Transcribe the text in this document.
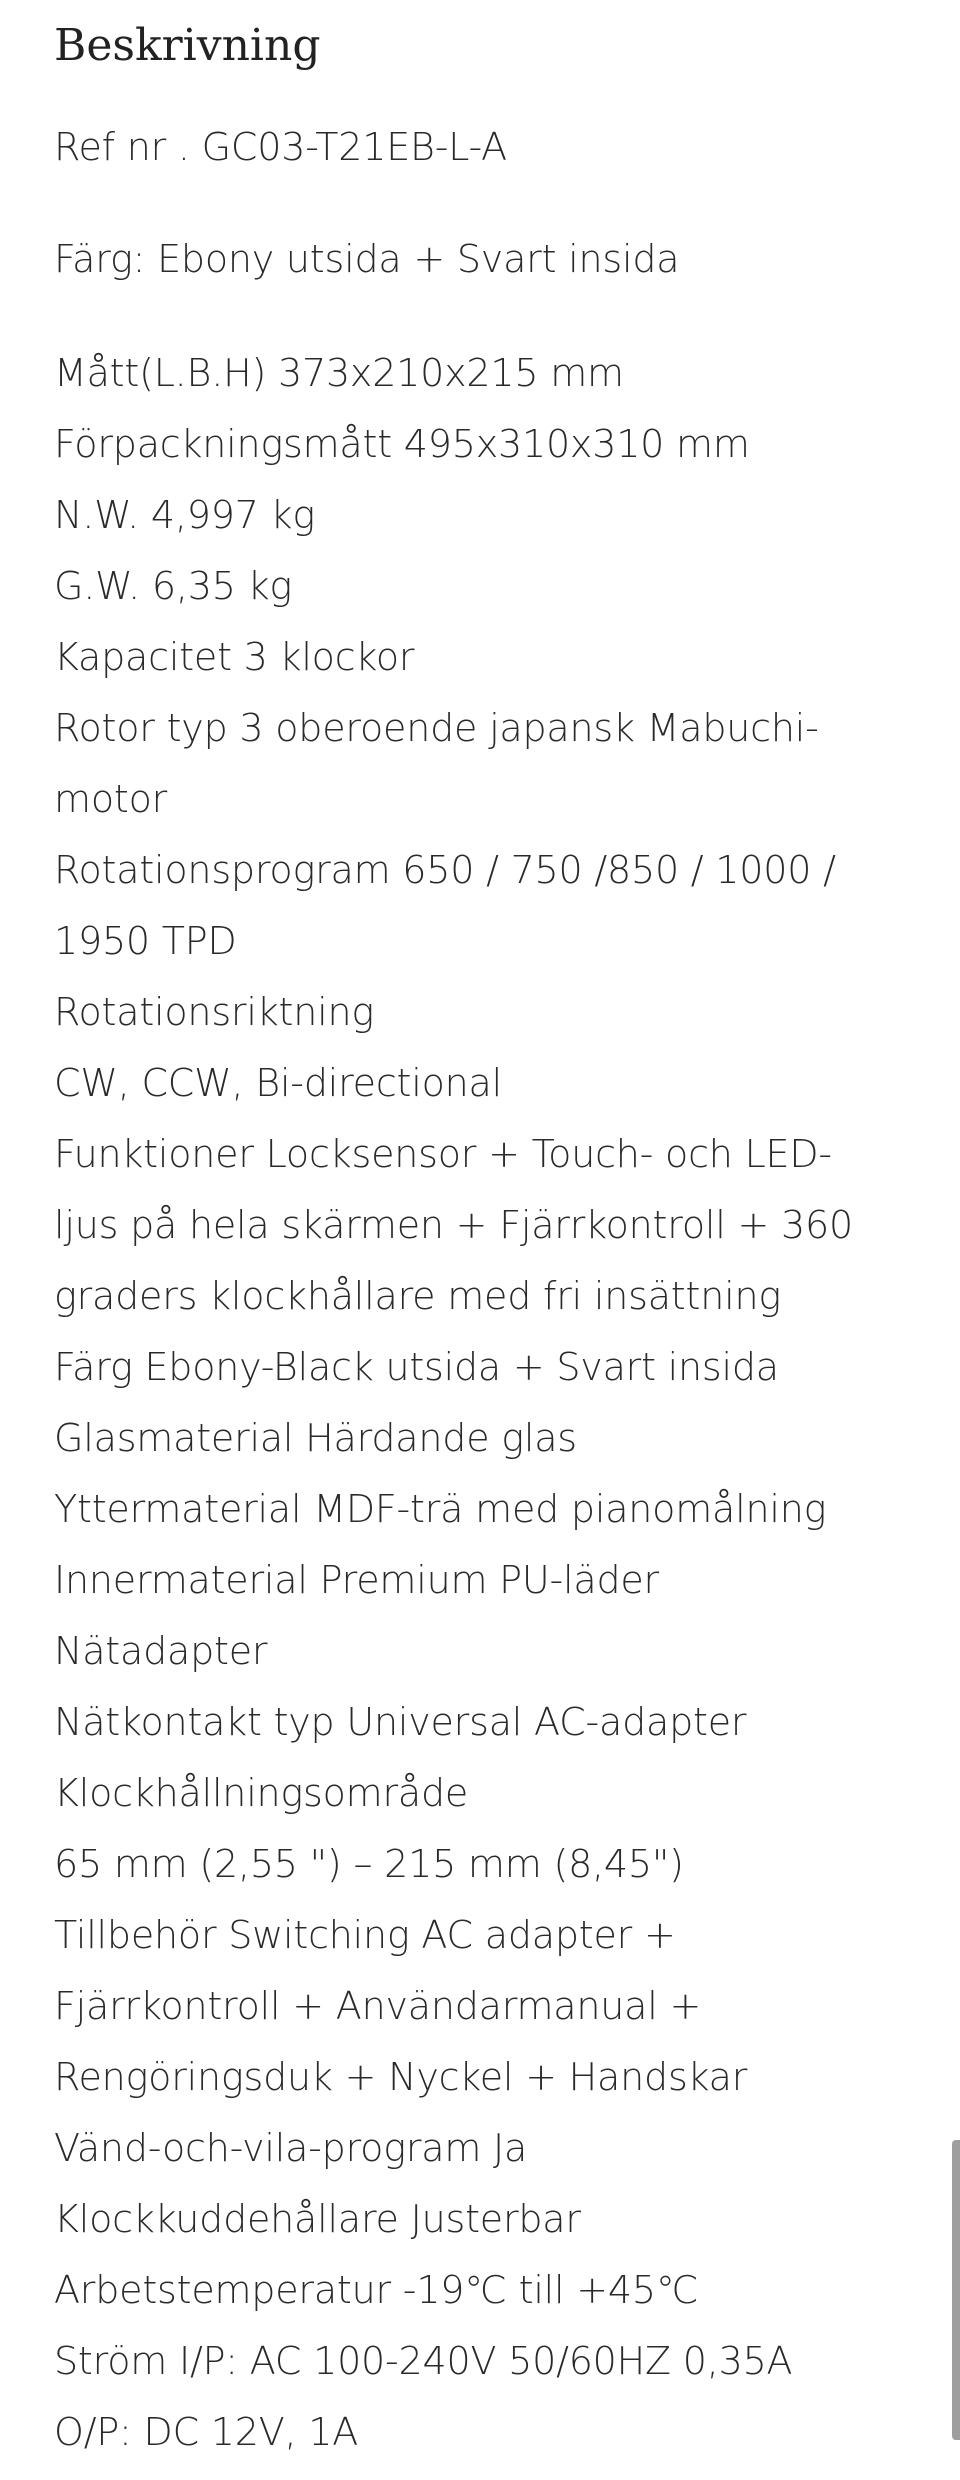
Beskrivning

Ref nr . GC03-T21EB-L-A

Färg: Ebony utsida + Svart insida

Mått(L.B.H) 373x210x215 mm
Förpackningsmått 495x310x310 mm
N.W. 4,997 kg
G.W. 6,35 kg
Kapacitet 3 klockor
Rotor typ 3 oberoende japansk Mabuchi-
motor
Rotationsprogram 650 / 750 /850 / 1000 /
1950 TPD
Rotationsriktning
CW, CCW, Bi-directional
Funktioner Locksensor + Touch- och LED-
ljus på hela skärmen + Fjärrkontroll + 360
graders klockhållare med fri insättning
Färg Ebony-Black utsida + Svart insida
Glasmaterial Härdande glas
Yttermaterial MDF-trä med pianomålning
Innermaterial Premium PU-läder
Nätadapter
Nätkontakt typ Universal AC-adapter
Klockhållningsområde
65 mm (2,55 ") – 215 mm (8,45")
Tillbehör Switching AC adapter +
Fjärrkontroll + Användarmanual +
Rengöringsduk + Nyckel + Handskar
Vänd-och-vila-program Ja
Klockkuddehållare Justerbar
Arbetstemperatur -19℃ till +45℃
Ström I/P: AC 100-240V 50/60HZ 0,35A
O/P: DC 12V, 1A
